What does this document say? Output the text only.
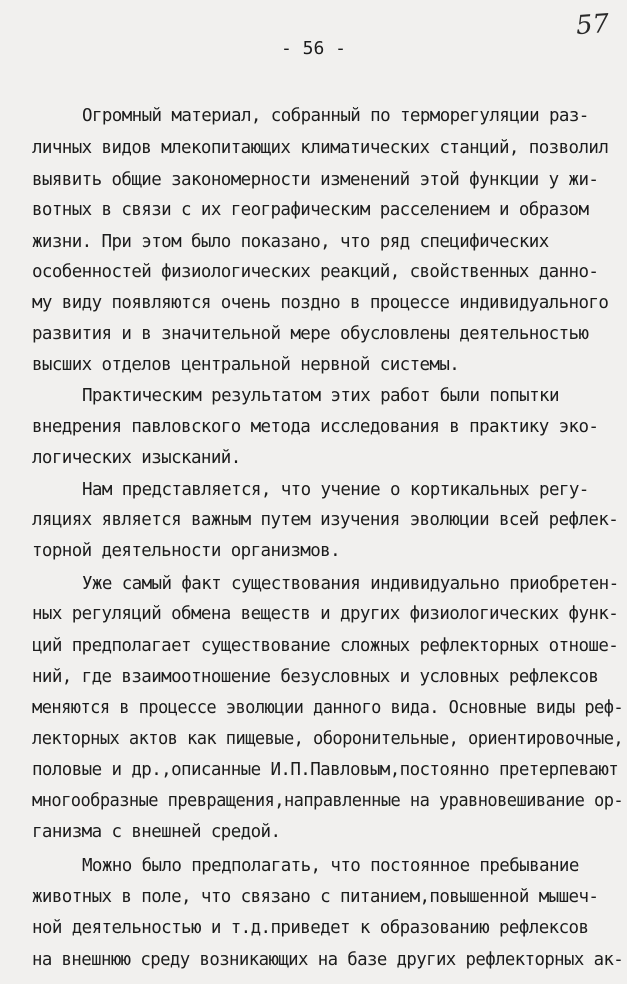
57
- 56 -
Огромный материал, собранный по терморегуляции раз-
личных видов млекопитающих климатических станций, позволил
выявить общие закономерности изменений этой функции у жи-
вотных в связи с их географическим расселением и образом
жизни. При этом было показано, что ряд специфических
особенностей физиологических реакций, свойственных данно-
му виду появляются очень поздно в процессе индивидуального
развития и в значительной мере обусловлены деятельностью
высших отделов центральной нервной системы.
Практическим результатом этих работ были попытки
внедрения павловского метода исследования в практику эко-
логических изысканий.
Нам представляется, что учение о кортикальных регу-
ляциях является важным путем изучения эволюции всей рефлек-
торной деятельности организмов.
Уже самый факт существования индивидуально приобретен-
ных регуляций обмена веществ и других физиологических функ-
ций предполагает существование сложных рефлекторных отноше-
ний, где взаимоотношение безусловных и условных рефлексов
меняются в процессе эволюции данного вида. Основные виды реф-
лекторных актов как пищевые, оборонительные, ориентировочные,
половые и др.,описанные И.П.Павловым,постоянно претерпевают
многообразные превращения,направленные на уравновешивание ор-
ганизма с внешней средой.
Можно было предполагать, что постоянное пребывание
животных в поле, что связано с питанием,повышенной мышеч-
ной деятельностью и т.д.приведет к образованию рефлексов
на внешнюю среду возникающих на базе других рефлекторных ак-
